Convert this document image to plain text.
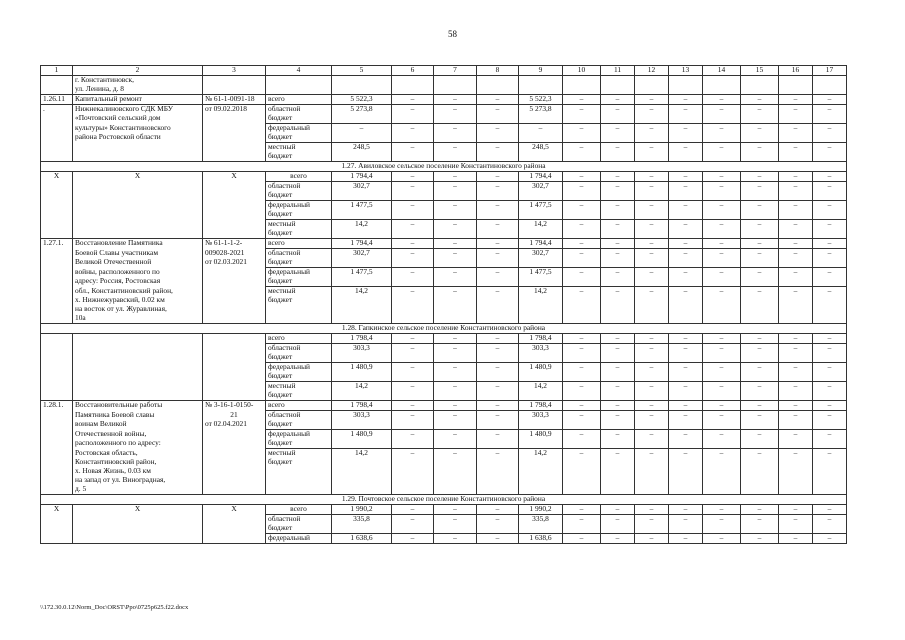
58
1	2	3	4	5	6	7	8	9	10	11	12	13	14	15	16	17
	г. Константиновск,															
	ул. Ленина, д. 8															
1.26.11	Капитальный ремонт	№ 61-1-0091-18	всего	5 522,3	–	–	–	5 522,3	–	–	–	–	–	–	–	–
.	Нижнекалиновского СДК МБУ	от 09.02.2018	областной	5 273,8	–	–	–	5 273,8	–	–	–	–	–	–	–	–
	«Почтовский сельский дом		бюджет													
	культуры» Константиновского		федеральный	–	–	–	–	–	–	–	–	–	–	–	–	–
	района Ростовской области		бюджет													
			местный	248,5	–	–	–	248,5	–	–	–	–	–	–	–	–
			бюджет													
1.27. Авиловское сельское поселение Константиновского района																
X	X	X	всего	1 794,4	–	–	–	1 794,4	–	–	–	–	–	–	–	–
			областной	302,7	–	–	–	302,7	–	–	–	–	–	–	–	–
			бюджет													
			федеральный	1 477,5	–	–	–	1 477,5	–	–	–	–	–	–	–	–
			бюджет													
			местный	14,2	–	–	–	14,2	–	–	–	–	–	–	–	–
			бюджет													
1.27.1.	Восстановление Памятника	№ 61-1-1-2-	всего	1 794,4	–	–	–	1 794,4	–	–	–	–	–	–	–	–
	Боевой Славы участникам	009028-2021	областной	302,7	–	–	–	302,7	–	–	–	–	–	–	–	–
	Великой Отечественной	от 02.03.2021	бюджет													
	войны, расположенного по		федеральный	1 477,5	–	–	–	1 477,5	–	–	–	–	–	–	–	–
	адресу: Россия, Ростовская		бюджет													
	обл., Константиновский район,		местный	14,2	–	–	–	14,2	–	–	–	–	–	–	–	–
	х. Нижнежуравский, 0.02 км		бюджет													
	на восток от ул. Журавлиная,															
	10а															
1.28. Гапкинское сельское поселение Константиновского района																
			всего	1 798,4	–	–	–	1 798,4	–	–	–	–	–	–	–	–
			областной	303,3	–	–	–	303,3	–	–	–	–	–	–	–	–
			бюджет													
			федеральный	1 480,9	–	–	–	1 480,9	–	–	–	–	–	–	–	–
			бюджет													
			местный	14,2	–	–	–	14,2	–	–	–	–	–	–	–	–
			бюджет													
1.28.1.	Восстановительные работы	№ 3-16-1-0150-	всего	1 798,4	–	–	–	1 798,4	–	–	–	–	–	–	–	–
	Памятника Боевой славы	21	областной	303,3	–	–	–	303,3	–	–	–	–	–	–	–	–
	воинам Великой	от 02.04.2021	бюджет													
	Отечественной войны,		федеральный	1 480,9	–	–	–	1 480,9	–	–	–	–	–	–	–	–
	расположенного по адресу:		бюджет													
	Ростовская область,		местный	14,2	–	–	–	14,2	–	–	–	–	–	–	–	–
	Константиновский район,		бюджет													
	х. Новая Жизнь, 0.03 км															
	на запад от ул. Виноградная,															
	д. 5															
1.29. Почтовское сельское поселение Константиновского района																
X	X	X	всего	1 990,2	–	–	–	1 990,2	–	–	–	–	–	–	–	–
			областной	335,8	–	–	–	335,8	–	–	–	–	–	–	–	–
			бюджет													
			федеральный	1 638,6	–	–	–	1 638,6	–	–	–	–	–	–	–	–
\\172.30.0.12\Norm_Doc\ORST\Ppo\0725p625.f22.docx
